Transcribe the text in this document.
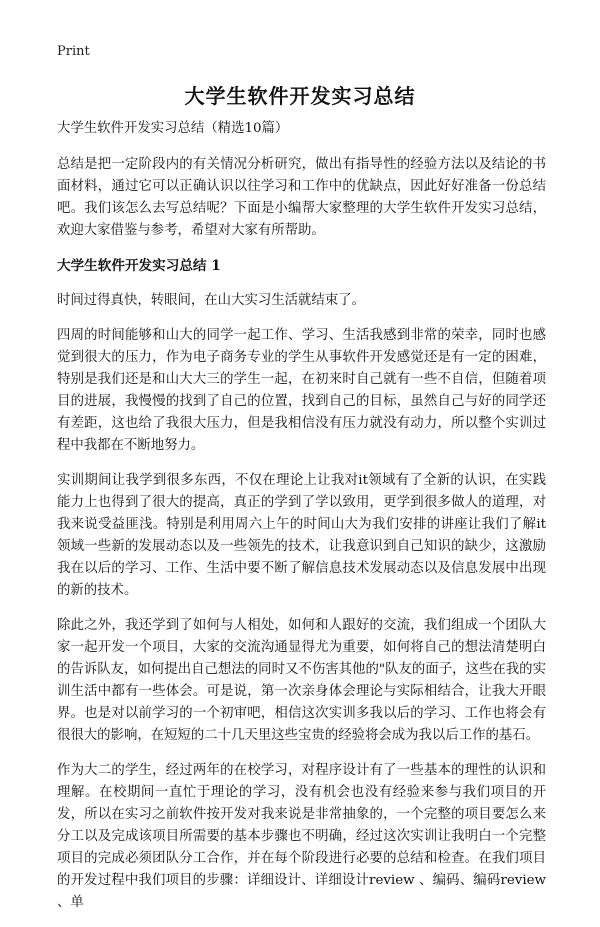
Print
大学生软件开发实习总结

大学生软件开发实习总结（精选10篇）

总结是把一定阶段内的有关情况分析研究，做出有指导性的经验方法以及结论的书面材料，通过它可以正确认识以往学习和工作中的优缺点，因此好好准备一份总结吧。我们该怎么去写总结呢？下面是小编帮大家整理的大学生软件开发实习总结，欢迎大家借鉴与参考，希望对大家有所帮助。

大学生软件开发实习总结 1

时间过得真快，转眼间，在山大实习生活就结束了。

四周的时间能够和山大的同学一起工作、学习、生活我感到非常的荣幸，同时也感觉到很大的压力，作为电子商务专业的学生从事软件开发感觉还是有一定的困难，特别是我们还是和山大大三的学生一起，在初来时自己就有一些不自信，但随着项目的进展，我慢慢的找到了自己的位置，找到自己的目标，虽然自己与好的同学还有差距，这也给了我很大压力，但是我相信没有压力就没有动力，所以整个实训过程中我都在不断地努力。

实训期间让我学到很多东西，不仅在理论上让我对it领域有了全新的认识，在实践能力上也得到了很大的提高，真正的学到了学以致用，更学到很多做人的道理，对我来说受益匪浅。特别是利用周六上午的时间山大为我们安排的讲座让我们了解it领域一些新的发展动态以及一些领先的技术，让我意识到自己知识的缺少，这激励我在以后的学习、工作、生活中要不断了解信息技术发展动态以及信息发展中出现的新的技术。

除此之外，我还学到了如何与人相处，如何和人跟好的交流，我们组成一个团队大家一起开发一个项目，大家的交流沟通显得尤为重要，如何将自己的想法清楚明白的告诉队友，如何提出自己想法的同时又不伤害其他的"队友的面子，这些在我的实训生活中都有一些体会。可是说，第一次亲身体会理论与实际相结合，让我大开眼界。也是对以前学习的一个初审吧，相信这次实训多我以后的学习、工作也将会有很很大的影响，在短短的二十几天里这些宝贵的经验将会成为我以后工作的基石。

作为大二的学生，经过两年的在校学习，对程序设计有了一些基本的理性的认识和理解。在校期间一直忙于理论的学习，没有机会也没有经验来参与我们项目的开发，所以在实习之前软件按开发对我来说是非常抽象的，一个完整的项目要怎么来分工以及完成该项目所需要的基本步骤也不明确，经过这次实训让我明白一个完整项目的完成必须团队分工合作，并在每个阶段进行必要的总结和检查。在我们项目的开发过程中我们项目的步骤：详细设计、详细设计review 、编码、编码review 、单
